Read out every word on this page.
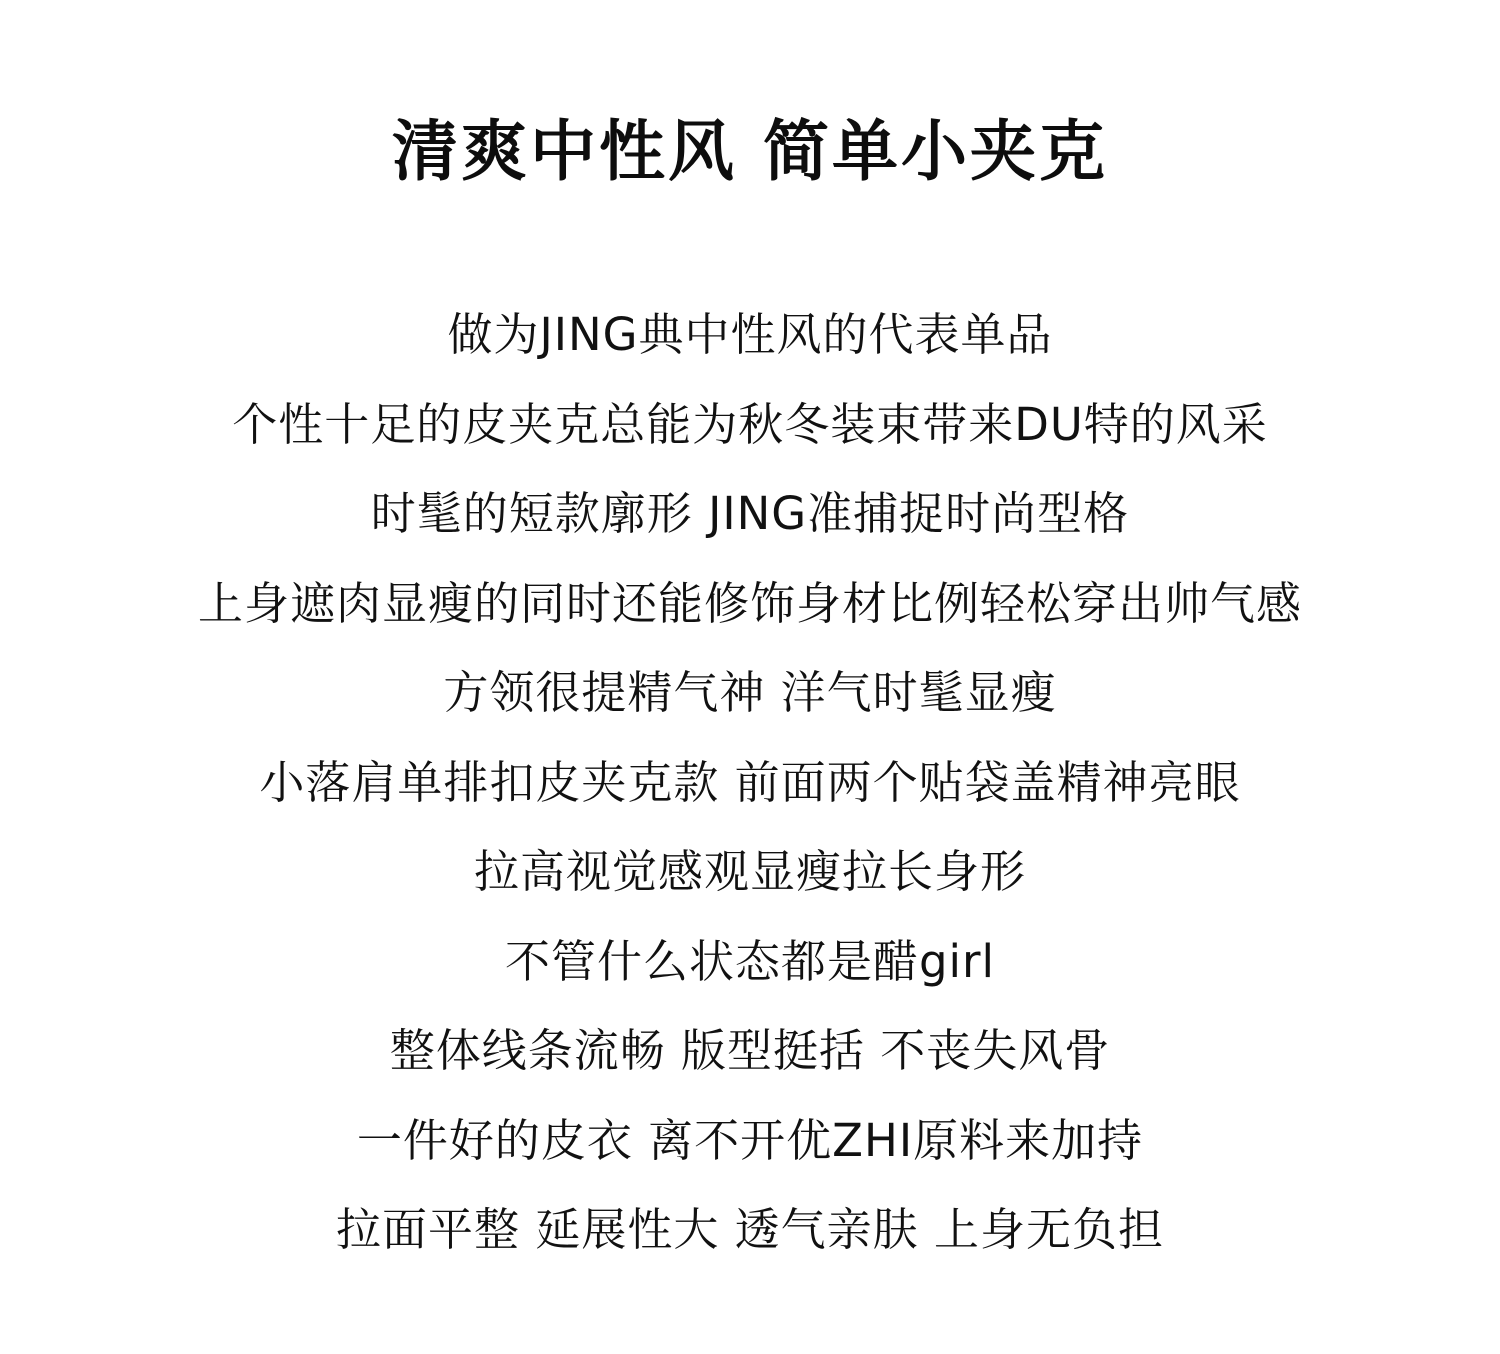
清爽中性风 简单小夹克
做为JING典中性风的代表单品
个性十足的皮夹克总能为秋冬装束带来DU特的风采
时髦的短款廓形 JING准捕捉时尚型格
上身遮肉显瘦的同时还能修饰身材比例轻松穿出帅气感
方领很提精气神 洋气时髦显瘦
小落肩单排扣皮夹克款 前面两个贴袋盖精神亮眼
拉高视觉感观显瘦拉长身形
不管什么状态都是醋girl
整体线条流畅 版型挺括 不丧失风骨
一件好的皮衣 离不开优ZHI原料来加持
拉面平整 延展性大 透气亲肤 上身无负担
